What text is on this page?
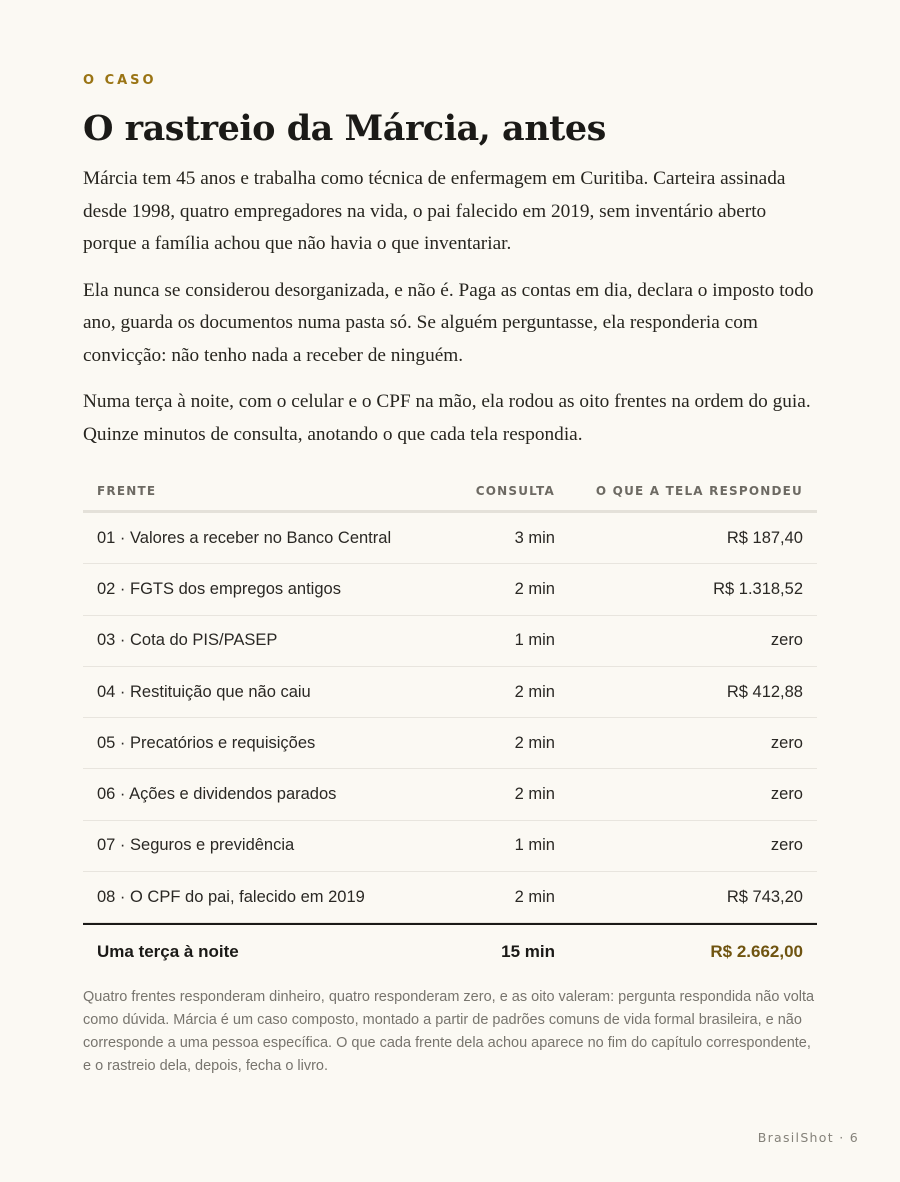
O CASO
O rastreio da Márcia, antes

Márcia tem 45 anos e trabalha como técnica de enfermagem em Curitiba. Carteira assinada desde 1998, quatro empregadores na vida, o pai falecido em 2019, sem inventário aberto porque a família achou que não havia o que inventariar.

Ela nunca se considerou desorganizada, e não é. Paga as contas em dia, declara o imposto todo ano, guarda os documentos numa pasta só. Se alguém perguntasse, ela responderia com convicção: não tenho nada a receber de ninguém.

Numa terça à noite, com o celular e o CPF na mão, ela rodou as oito frentes na ordem do guia. Quinze minutos de consulta, anotando o que cada tela respondia.

FRENTE	CONSULTA	O QUE A TELA RESPONDEU
01 · Valores a receber no Banco Central	3 min	R$ 187,40
02 · FGTS dos empregos antigos	2 min	R$ 1.318,52
03 · Cota do PIS/PASEP	1 min	zero
04 · Restituição que não caiu	2 min	R$ 412,88
05 · Precatórios e requisições	2 min	zero
06 · Ações e dividendos parados	2 min	zero
07 · Seguros e previdência	1 min	zero
08 · O CPF do pai, falecido em 2019	2 min	R$ 743,20
Uma terça à noite	15 min	R$ 2.662,00

Quatro frentes responderam dinheiro, quatro responderam zero, e as oito valeram: pergunta respondida não volta como dúvida. Márcia é um caso composto, montado a partir de padrões comuns de vida formal brasileira, e não corresponde a uma pessoa específica. O que cada frente dela achou aparece no fim do capítulo correspondente, e o rastreio dela, depois, fecha o livro.

BrasilShot · 6
